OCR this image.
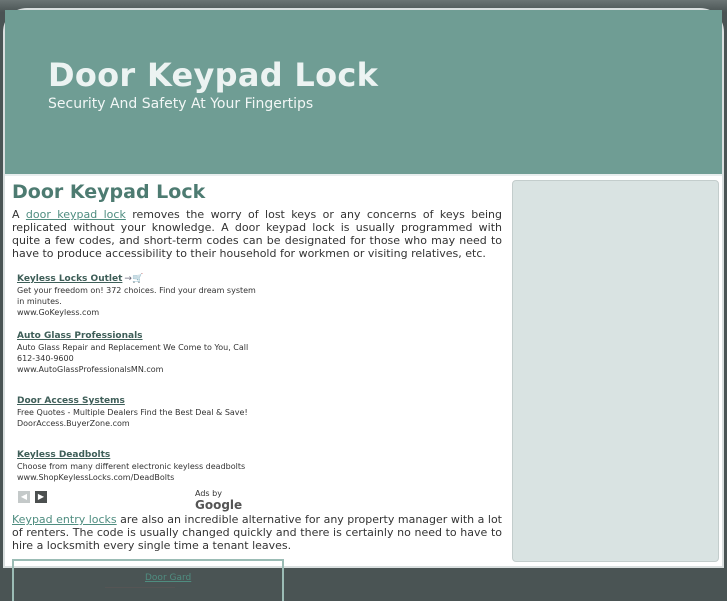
Door Keypad Lock
Security And Safety At Your Fingertips
Door Keypad Lock

A door keypad lock removes the worry of lost keys or any concerns of keys being replicated without your knowledge. A door keypad lock is usually programmed with quite a few codes, and short-term codes can be designated for those who may need to have to produce accessibility to their household for workmen or visiting relatives, etc.

Keyless Locks Outlet →🛒
Get your freedom on! 372 choices. Find your dream system in minutes.
www.GoKeyless.com
Auto Glass Professionals
Auto Glass Repair and Replacement We Come to You, Call 612-340-9600
www.AutoGlassProfessionalsMN.com
Door Access Systems
Free Quotes - Multiple Dealers Find the Best Deal & Save!
DoorAccess.BuyerZone.com
Keyless Deadbolts
Choose from many different electronic keyless deadbolts
www.ShopKeylessLocks.com/DeadBolts
◀	▶	Ads by Google

Keypad entry locks are also an incredible alternative for any property manager with a lot of renters. The code is usually changed quickly and there is certainly no need to have to hire a locksmith every single time a tenant leaves.

Door Gard
